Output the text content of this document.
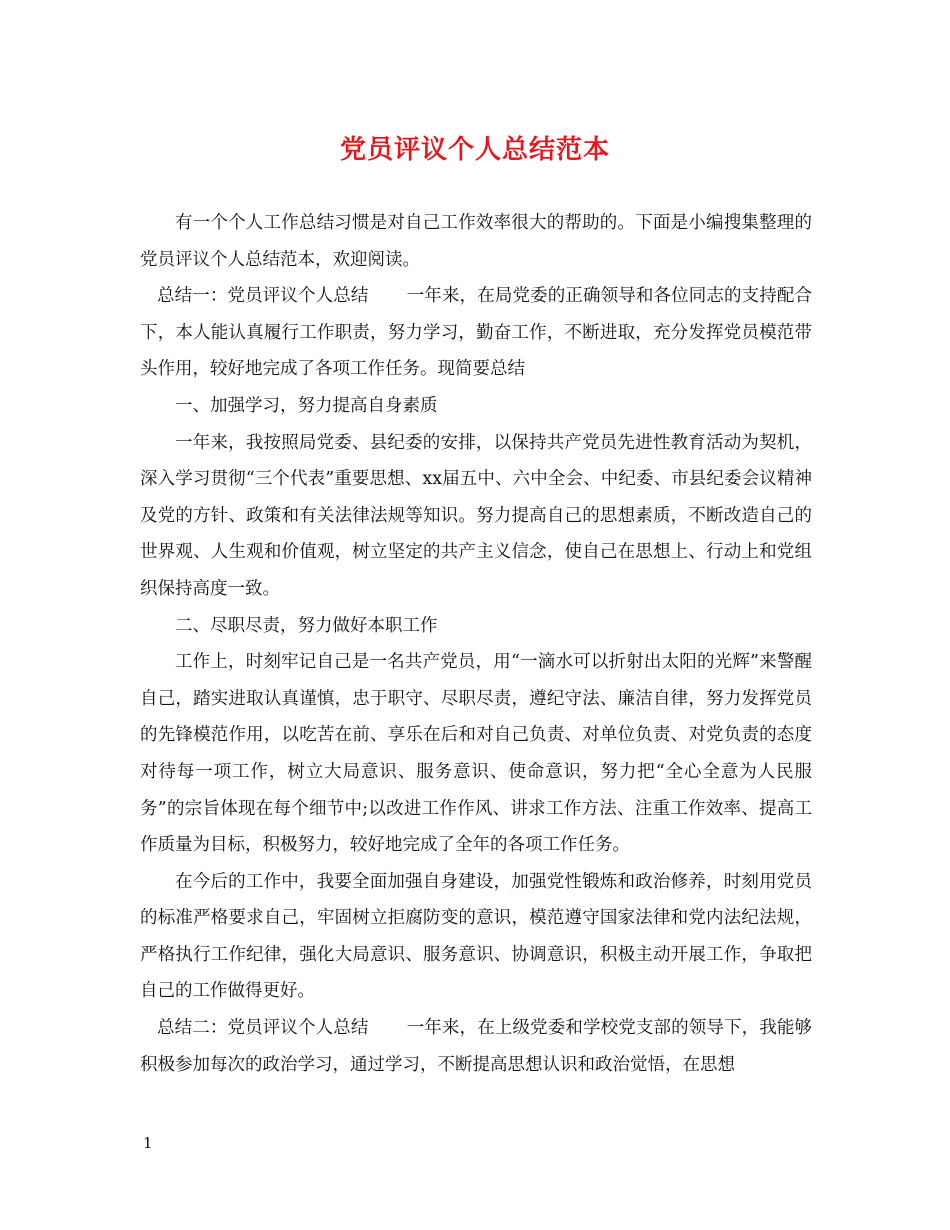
党员评议个人总结范本

有一个个人工作总结习惯是对自己工作效率很大的帮助的。下面是小编搜集整理的党员评议个人总结范本，欢迎阅读。

总结一：党员评议个人总结 一年来，在局党委的正确领导和各位同志的支持配合下，本人能认真履行工作职责，努力学习，勤奋工作，不断进取，充分发挥党员模范带头作用，较好地完成了各项工作任务。现简要总结

一、加强学习，努力提高自身素质

一年来，我按照局党委、县纪委的安排，以保持共产党员先进性教育活动为契机，深入学习贯彻“三个代表”重要思想、xx届五中、六中全会、中纪委、市县纪委会议精神及党的方针、政策和有关法律法规等知识。努力提高自己的思想素质，不断改造自己的世界观、人生观和价值观，树立坚定的共产主义信念，使自己在思想上、行动上和党组织保持高度一致。

二、尽职尽责，努力做好本职工作

工作上，时刻牢记自己是一名共产党员，用“一滴水可以折射出太阳的光辉”来警醒自己，踏实进取认真谨慎，忠于职守、尽职尽责，遵纪守法、廉洁自律，努力发挥党员的先锋模范作用，以吃苦在前、享乐在后和对自己负责、对单位负责、对党负责的态度对待每一项工作，树立大局意识、服务意识、使命意识，努力把“全心全意为人民服务”的宗旨体现在每个细节中;以改进工作作风、讲求工作方法、注重工作效率、提高工作质量为目标，积极努力，较好地完成了全年的各项工作任务。

在今后的工作中，我要全面加强自身建设，加强党性锻炼和政治修养，时刻用党员的标准严格要求自己，牢固树立拒腐防变的意识，模范遵守国家法律和党内法纪法规，严格执行工作纪律，强化大局意识、服务意识、协调意识，积极主动开展工作，争取把自己的工作做得更好。

总结二：党员评议个人总结 一年来，在上级党委和学校党支部的领导下，我能够积极参加每次的政治学习，通过学习，不断提高思想认识和政治觉悟，在思想

1
